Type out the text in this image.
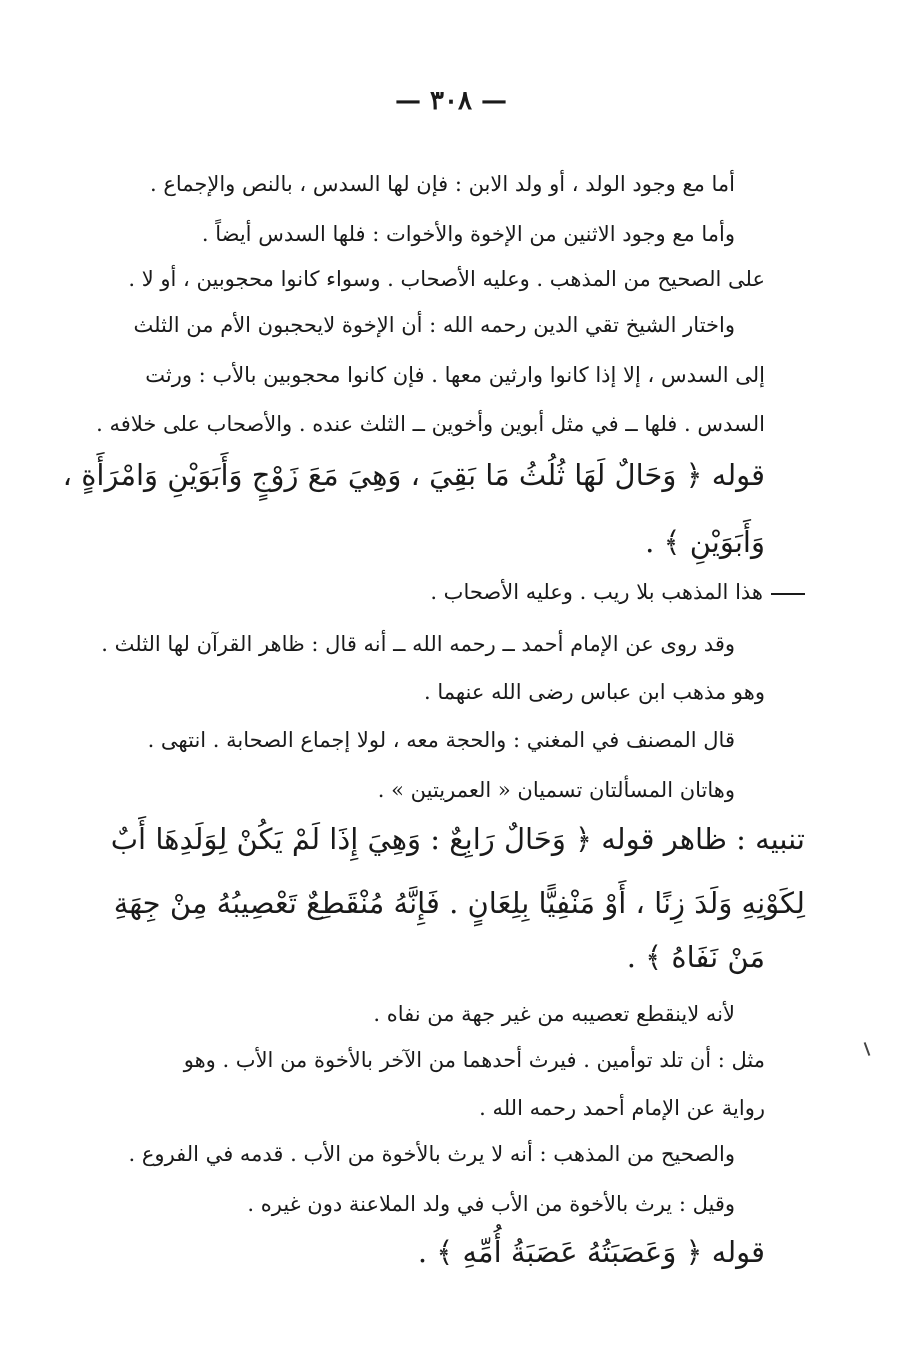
— ٣٠٨ —
أما مع وجود الولد ، أو ولد الابن : فإن لها السدس ، بالنص والإجماع .
وأما مع وجود الاثنين من الإخوة والأخوات : فلها السدس أيضاً .
على الصحيح من المذهب . وعليه الأصحاب . وسواء كانوا محجوبين ، أو لا .
واختار الشيخ تقي الدين رحمه الله : أن الإخوة لايحجبون الأم من الثلث
إلى السدس ، إلا إذا كانوا وارثين معها . فإن كانوا محجوبين بالأب : ورثت
السدس . فلها ــ في مثل أبوين وأخوين ــ الثلث عنده . والأصحاب على خلافه .
قوله ﴿ وَحَالٌ لَهَا ثُلُثُ مَا بَقِيَ ، وَهِيَ مَعَ زَوْجٍ وَأَبَوَيْنِ وَامْرَأَةٍ ،
وَأَبَوَيْنِ ﴾ .
هذا المذهب بلا ريب . وعليه الأصحاب .
وقد روى عن الإمام أحمد ــ رحمه الله ــ أنه قال : ظاهر القرآن لها الثلث .
وهو مذهب ابن عباس رضى الله عنهما .
قال المصنف في المغني : والحجة معه ، لولا إجماع الصحابة . انتهى .
وهاتان المسألتان تسميان « العمريتين » .
تنبيه : ظاهر قوله ﴿ وَحَالٌ رَابِعٌ : وَهِيَ إِذَا لَمْ يَكُنْ لِوَلَدِهَا أَبٌ
لِكَوْنِهِ وَلَدَ زِنًا ، أَوْ مَنْفِيًّا بِلِعَانٍ . فَإِنَّهُ مُنْقَطِعٌ تَعْصِيبُهُ مِنْ جِهَةِ
مَنْ نَفَاهُ ﴾ .
لأنه لاينقطع تعصيبه من غير جهة من نفاه .
مثل : أن تلد توأمين . فيرث أحدهما من الآخر بالأخوة من الأب . وهو
رواية عن الإمام أحمد رحمه الله .
والصحيح من المذهب : أنه لا يرث بالأخوة من الأب . قدمه في الفروع .
وقيل : يرث بالأخوة من الأب في ولد الملاعنة دون غيره .
قوله ﴿ وَعَصَبَتُهُ عَصَبَةُ أُمِّهِ ﴾ .
